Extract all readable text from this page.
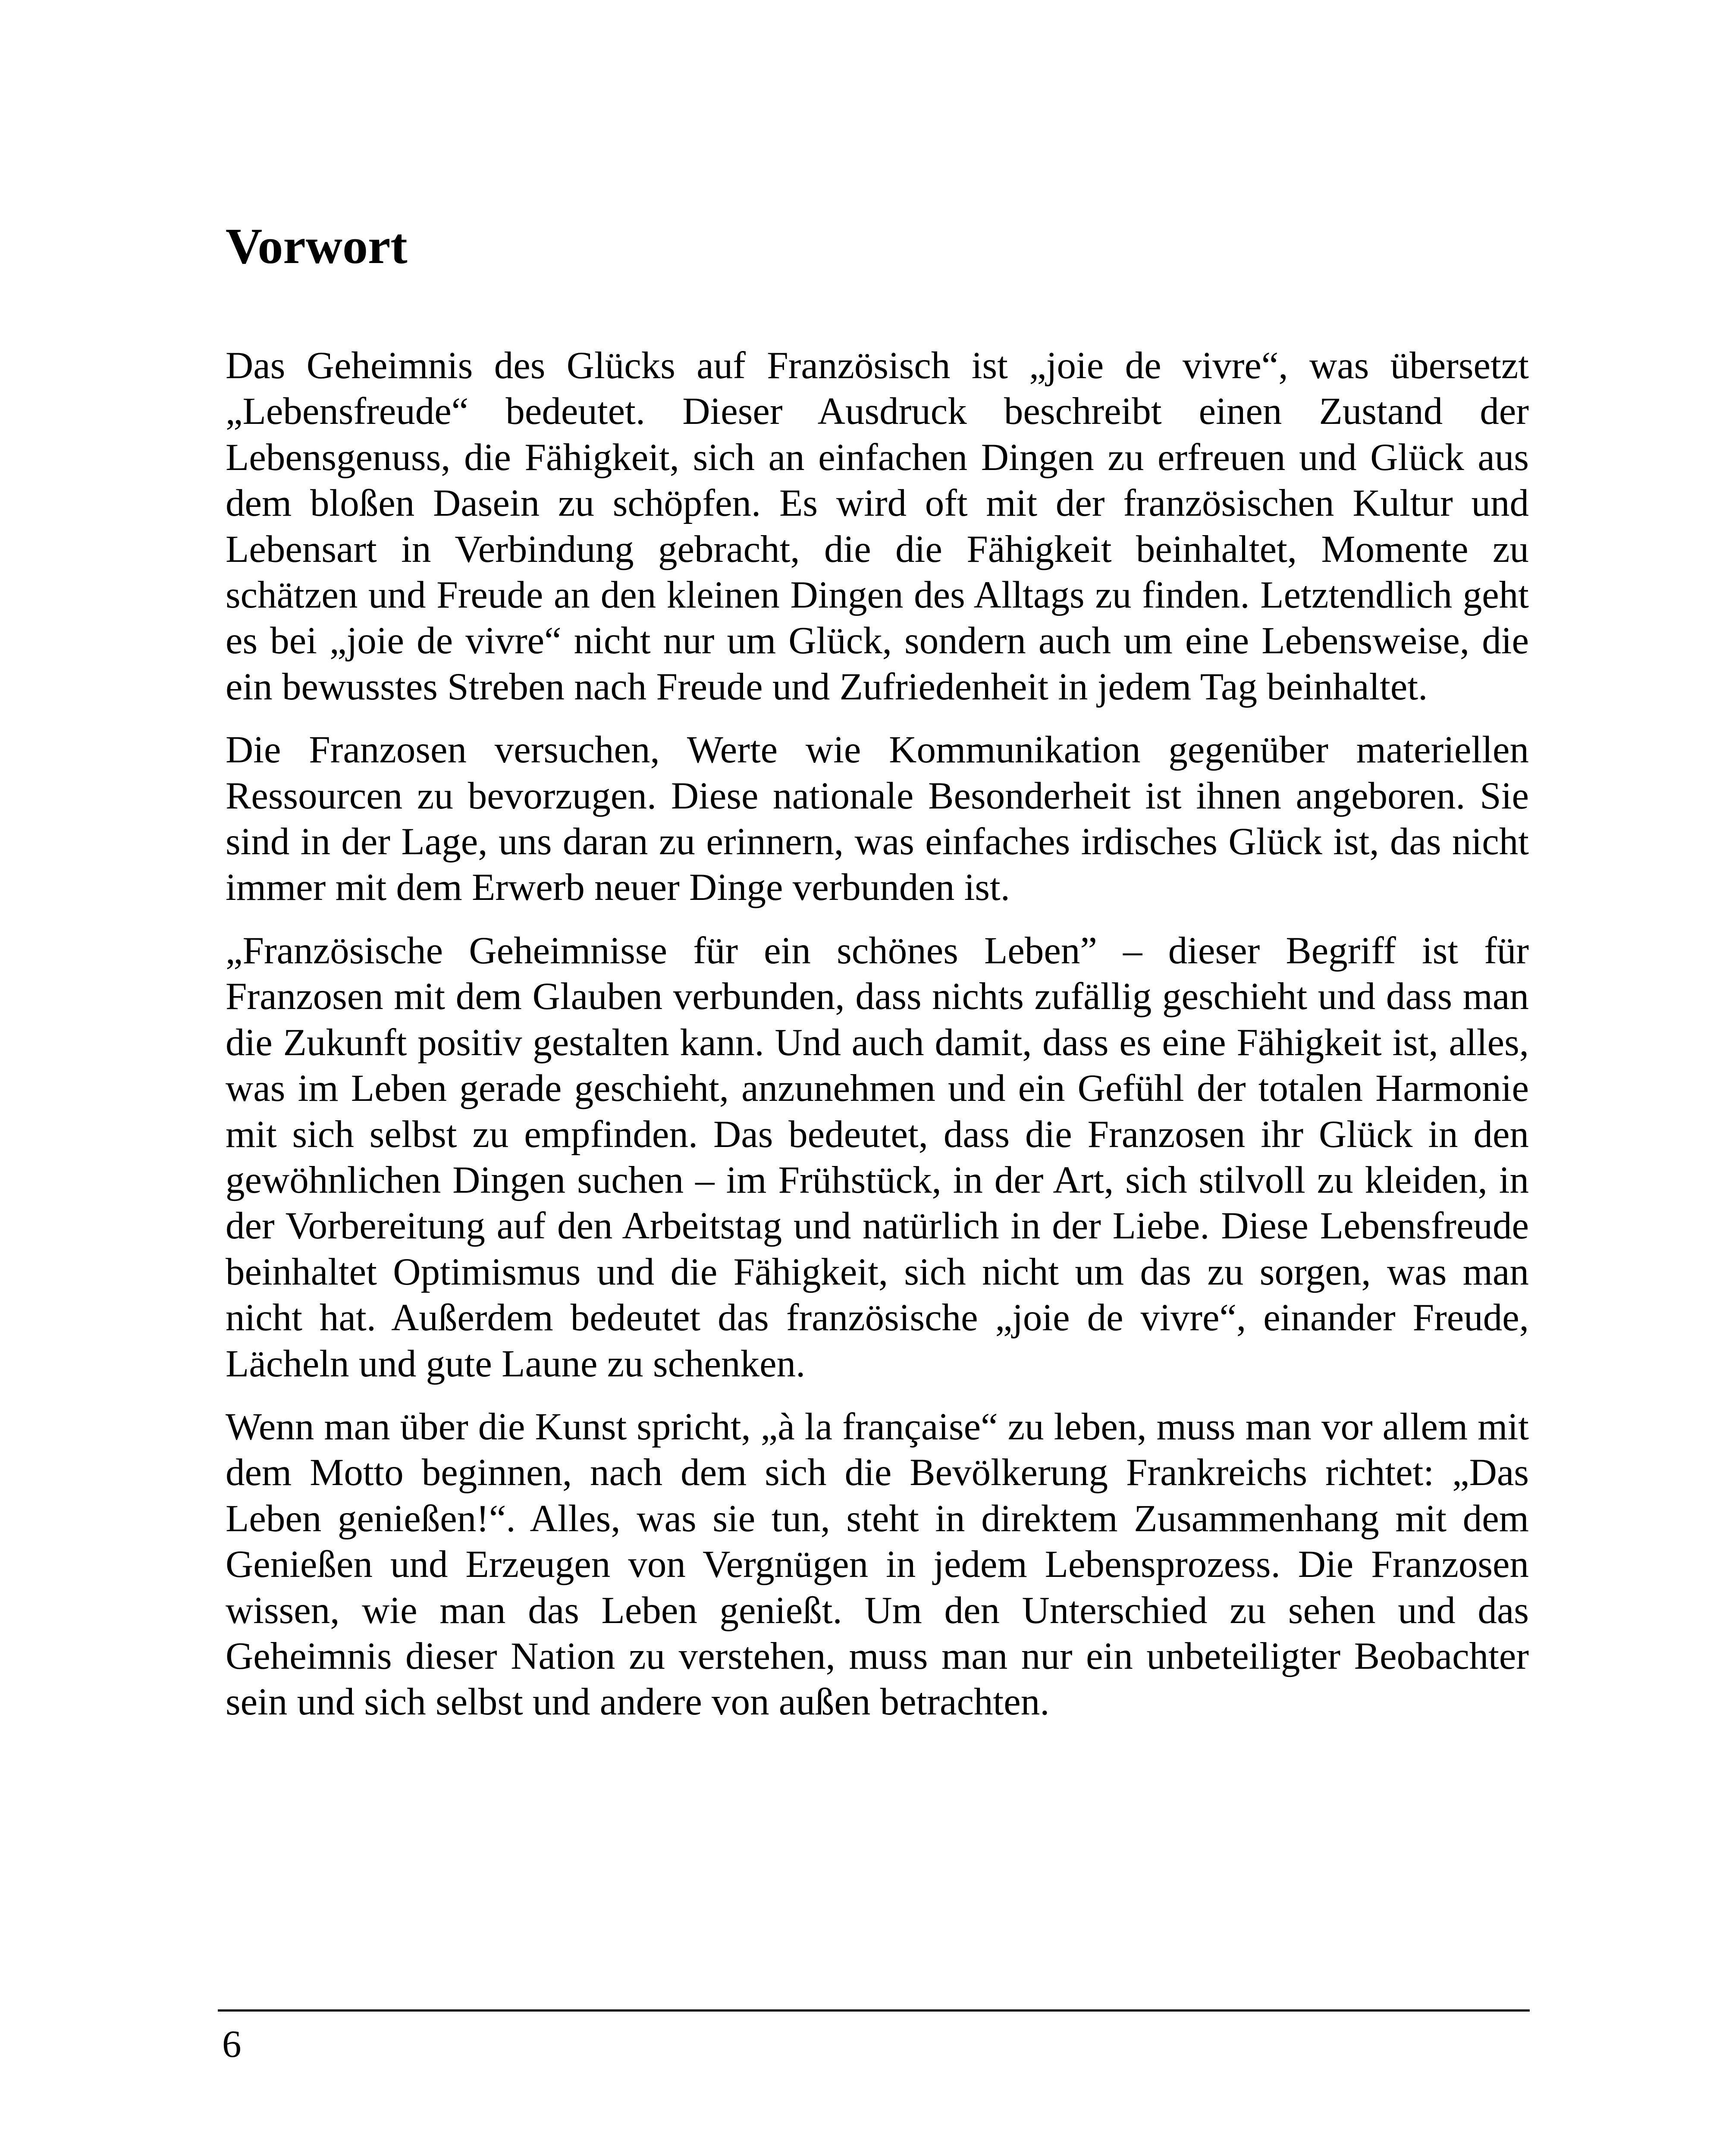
Vorwort

Das Geheimnis des Glücks auf Französisch ist „joie de vivre“, was übersetzt „Lebensfreude“ bedeutet. Dieser Ausdruck beschreibt einen Zustand der Lebensgenuss, die Fähigkeit, sich an einfachen Dingen zu erfreuen und Glück aus dem bloßen Dasein zu schöpfen. Es wird oft mit der französischen Kultur und Lebensart in Verbindung gebracht, die die Fähigkeit beinhaltet, Momente zu schätzen und Freude an den kleinen Dingen des Alltags zu finden. Letztendlich geht es bei „joie de vivre“ nicht nur um Glück, sondern auch um eine Lebensweise, die ein bewusstes Streben nach Freude und Zufriedenheit in jedem Tag beinhaltet.

Die Franzosen versuchen, Werte wie Kommunikation gegenüber materiellen Ressourcen zu bevorzugen. Diese nationale Besonderheit ist ihnen angeboren. Sie sind in der Lage, uns daran zu erinnern, was einfaches irdisches Glück ist, das nicht immer mit dem Erwerb neuer Dinge verbunden ist.

„Französische Geheimnisse für ein schönes Leben” – dieser Begriff ist für Franzosen mit dem Glauben verbunden, dass nichts zufällig geschieht und dass man die Zukunft positiv gestalten kann. Und auch damit, dass es eine Fähigkeit ist, alles, was im Leben gerade geschieht, anzunehmen und ein Gefühl der totalen Harmonie mit sich selbst zu empfinden. Das bedeutet, dass die Franzosen ihr Glück in den gewöhnlichen Dingen suchen – im Frühstück, in der Art, sich stilvoll zu kleiden, in der Vorbereitung auf den Arbeitstag und natürlich in der Liebe. Diese Lebensfreude beinhaltet Optimismus und die Fähigkeit, sich nicht um das zu sorgen, was man nicht hat. Außerdem bedeutet das französische „joie de vivre“, einander Freude, Lächeln und gute Laune zu schenken.

Wenn man über die Kunst spricht, „à la française“ zu leben, muss man vor allem mit dem Motto beginnen, nach dem sich die Bevölkerung Frankreichs richtet: „Das Leben genießen!“. Alles, was sie tun, steht in direktem Zusammenhang mit dem Genießen und Erzeugen von Vergnügen in jedem Lebensprozess. Die Franzosen wissen, wie man das Leben genießt. Um den Unterschied zu sehen und das Geheimnis dieser Nation zu verstehen, muss man nur ein unbeteiligter Beobachter sein und sich selbst und andere von außen betrachten.

6
